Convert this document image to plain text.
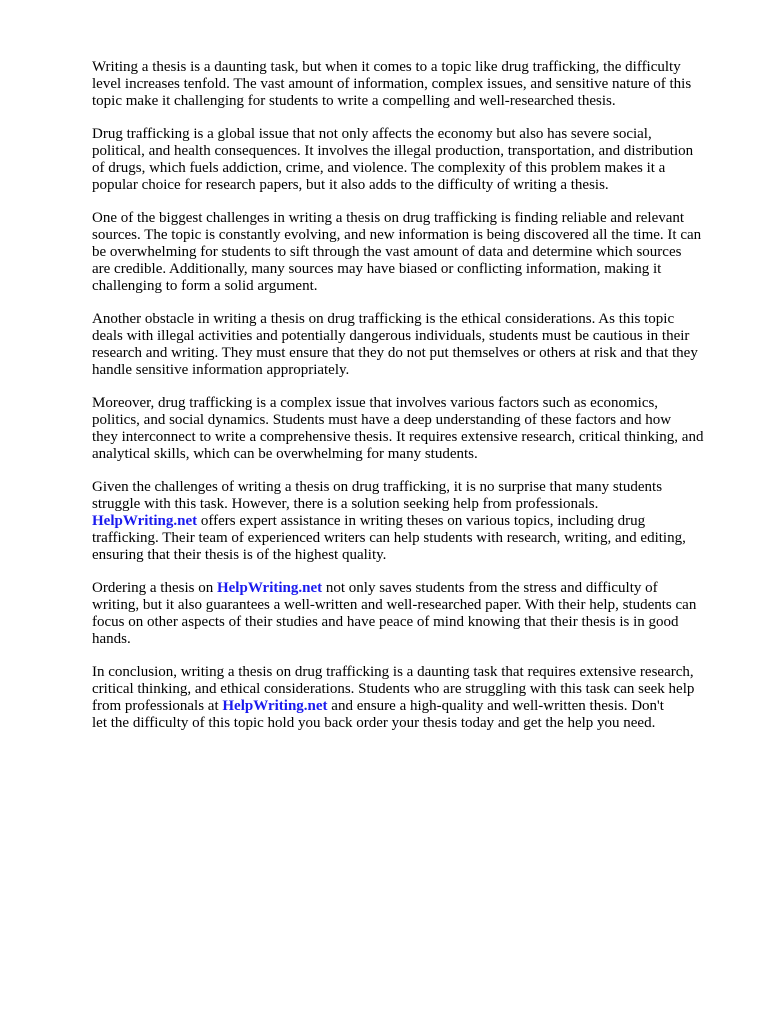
Writing a thesis is a daunting task, but when it comes to a topic like drug trafficking, the difficulty
level increases tenfold. The vast amount of information, complex issues, and sensitive nature of this
topic make it challenging for students to write a compelling and well-researched thesis.

Drug trafficking is a global issue that not only affects the economy but also has severe social,
political, and health consequences. It involves the illegal production, transportation, and distribution
of drugs, which fuels addiction, crime, and violence. The complexity of this problem makes it a
popular choice for research papers, but it also adds to the difficulty of writing a thesis.

One of the biggest challenges in writing a thesis on drug trafficking is finding reliable and relevant
sources. The topic is constantly evolving, and new information is being discovered all the time. It can
be overwhelming for students to sift through the vast amount of data and determine which sources
are credible. Additionally, many sources may have biased or conflicting information, making it
challenging to form a solid argument.

Another obstacle in writing a thesis on drug trafficking is the ethical considerations. As this topic
deals with illegal activities and potentially dangerous individuals, students must be cautious in their
research and writing. They must ensure that they do not put themselves or others at risk and that they
handle sensitive information appropriately.

Moreover, drug trafficking is a complex issue that involves various factors such as economics,
politics, and social dynamics. Students must have a deep understanding of these factors and how
they interconnect to write a comprehensive thesis. It requires extensive research, critical thinking, and
analytical skills, which can be overwhelming for many students.

Given the challenges of writing a thesis on drug trafficking, it is no surprise that many students
struggle with this task. However, there is a solution seeking help from professionals.
HelpWriting.net offers expert assistance in writing theses on various topics, including drug
trafficking. Their team of experienced writers can help students with research, writing, and editing,
ensuring that their thesis is of the highest quality.

Ordering a thesis on HelpWriting.net not only saves students from the stress and difficulty of
writing, but it also guarantees a well-written and well-researched paper. With their help, students can
focus on other aspects of their studies and have peace of mind knowing that their thesis is in good
hands.

In conclusion, writing a thesis on drug trafficking is a daunting task that requires extensive research,
critical thinking, and ethical considerations. Students who are struggling with this task can seek help
from professionals at HelpWriting.net and ensure a high-quality and well-written thesis. Don't
let the difficulty of this topic hold you back order your thesis today and get the help you need.
